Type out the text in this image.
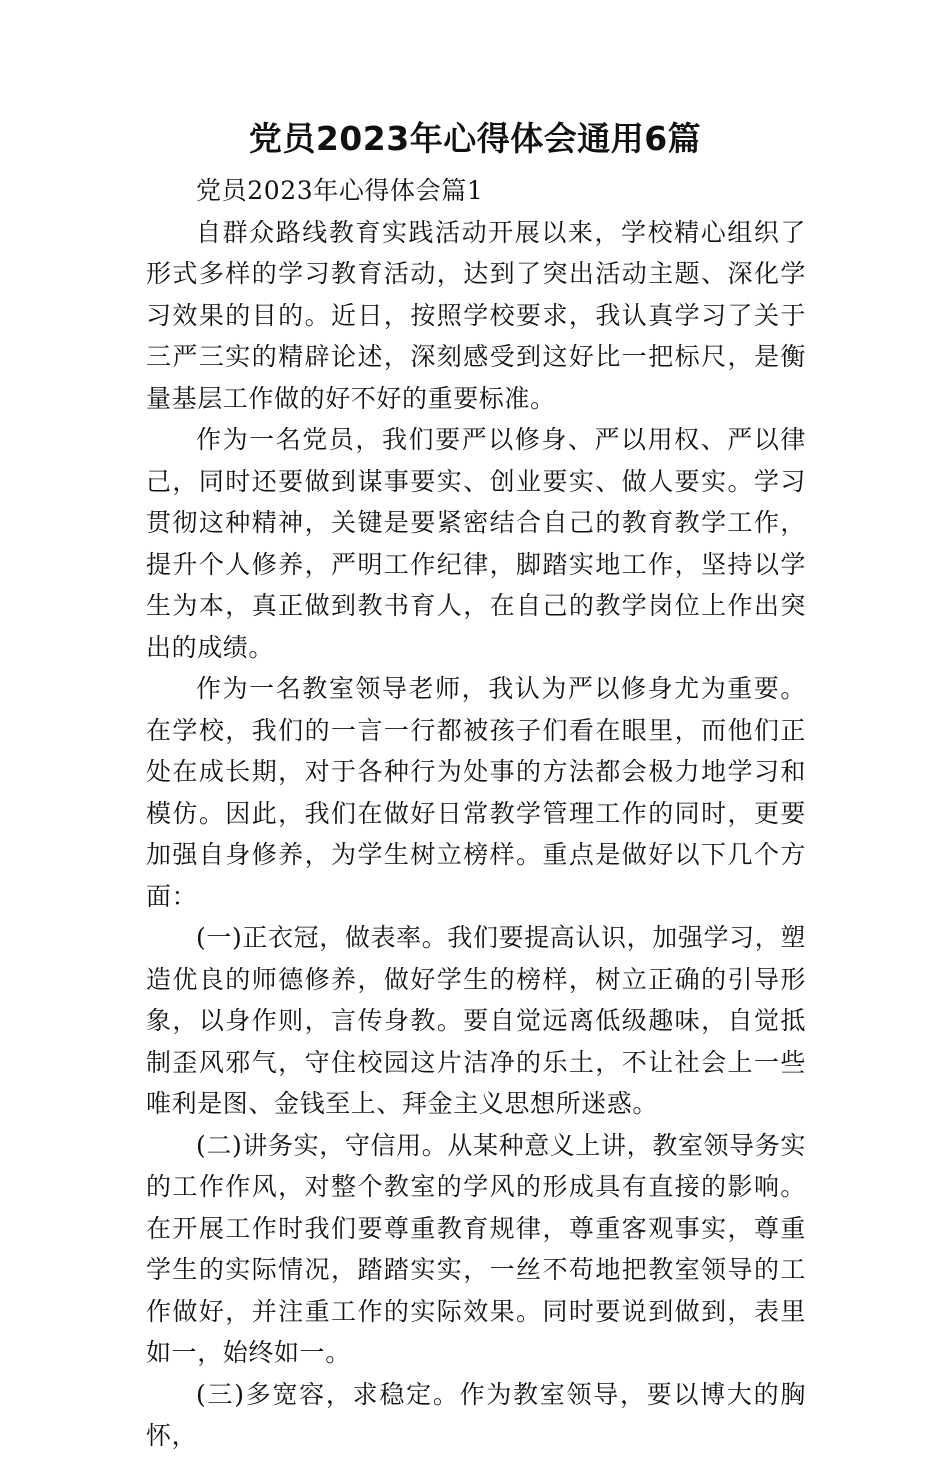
党员2023年心得体会通用6篇

党员2023年心得体会篇1

自群众路线教育实践活动开展以来，学校精心组织了形式多样的学习教育活动，达到了突出活动主题、深化学习效果的目的。近日，按照学校要求，我认真学习了关于三严三实的精辟论述，深刻感受到这好比一把标尺，是衡量基层工作做的好不好的重要标准。

作为一名党员，我们要严以修身、严以用权、严以律己，同时还要做到谋事要实、创业要实、做人要实。学习贯彻这种精神，关键是要紧密结合自己的教育教学工作，提升个人修养，严明工作纪律，脚踏实地工作，坚持以学生为本，真正做到教书育人，在自己的教学岗位上作出突出的成绩。

作为一名教室领导老师，我认为严以修身尤为重要。在学校，我们的一言一行都被孩子们看在眼里，而他们正处在成长期，对于各种行为处事的方法都会极力地学习和模仿。因此，我们在做好日常教学管理工作的同时，更要加强自身修养，为学生树立榜样。重点是做好以下几个方面：

(一)正衣冠，做表率。我们要提高认识，加强学习，塑造优良的师德修养，做好学生的榜样，树立正确的引导形象，以身作则，言传身教。要自觉远离低级趣味，自觉抵制歪风邪气，守住校园这片洁净的乐土，不让社会上一些唯利是图、金钱至上、拜金主义思想所迷惑。

(二)讲务实，守信用。从某种意义上讲，教室领导务实的工作作风，对整个教室的学风的形成具有直接的影响。在开展工作时我们要尊重教育规律，尊重客观事实，尊重学生的实际情况，踏踏实实，一丝不苟地把教室领导的工作做好，并注重工作的实际效果。同时要说到做到，表里如一，始终如一。

(三)多宽容，求稳定。作为教室领导，要以博大的胸怀，
